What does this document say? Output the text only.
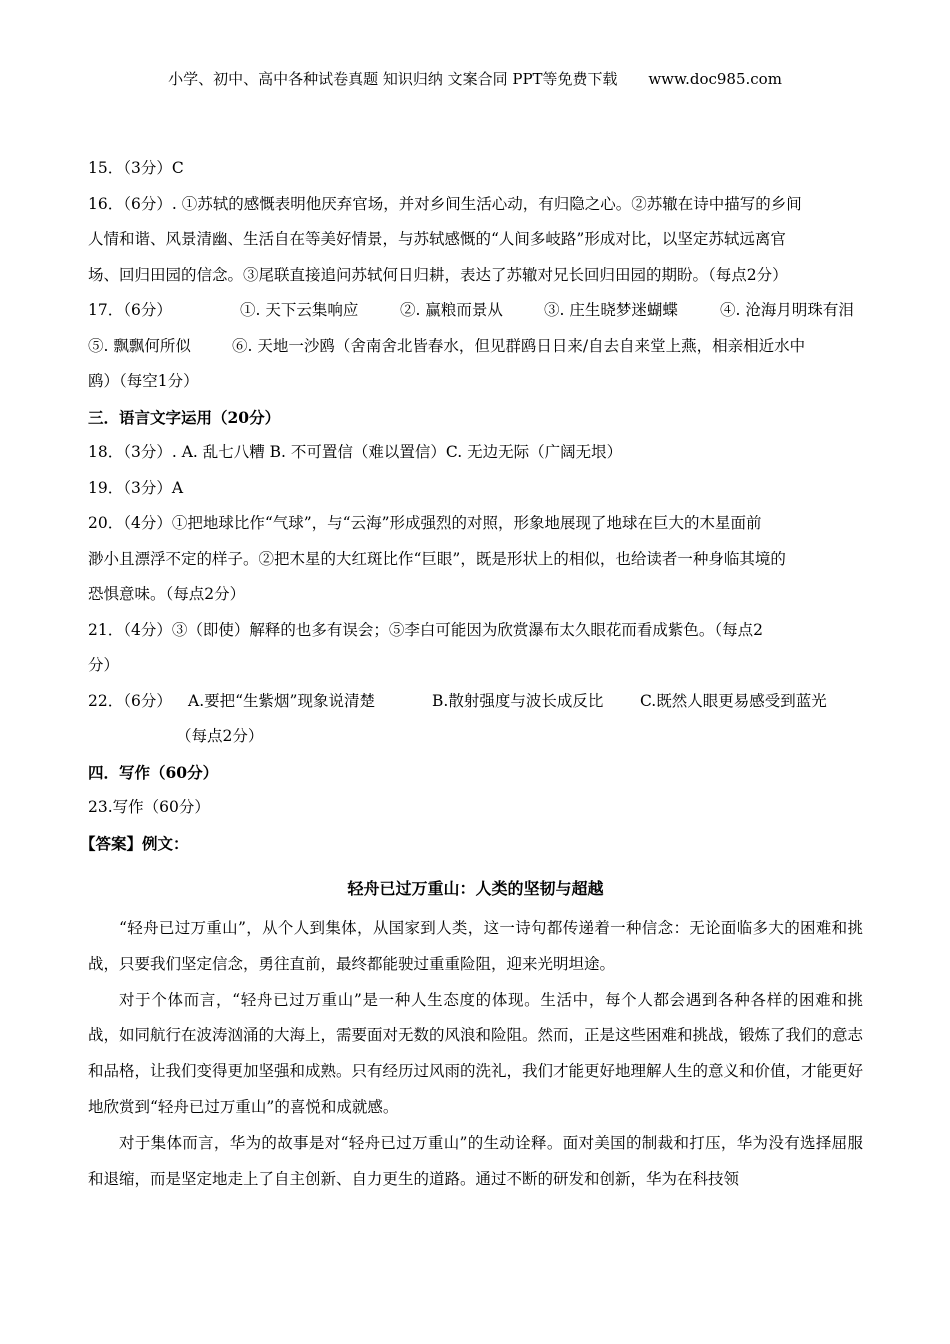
小学、初中、高中各种试卷真题 知识归纳 文案合同 PPT等免费下载 www.doc985.com
15．（3分）C
16．（6分）. ①苏轼的感慨表明他厌弃官场，并对乡间生活心动，有归隐之心。②苏辙在诗中描写的乡间
人情和谐、风景清幽、生活自在等美好情景，与苏轼感慨的“人间多岐路”形成对比，以坚定苏轼远离官
场、回归田园的信念。③尾联直接追问苏轼何日归耕，表达了苏辙对兄长回归田园的期盼。（每点2分）
17．（6分）	①. 天下云集响应	②. 赢粮而景从	③. 庄生晓梦迷蝴蝶	④. 沧海月明珠有泪
⑤. 飘飘何所似	⑥. 天地一沙鸥（舍南舍北皆春水，但见群鸥日日来/自去自来堂上燕，相亲相近水中
鸥）（每空1分）
三．语言文字运用（20分）
18．（3分）. A. 乱七八糟 B. 不可置信（难以置信）C. 无边无际（广阔无垠）
19．（3分）A
20．（4分）①把地球比作“气球”，与“云海”形成强烈的对照，形象地展现了地球在巨大的木星面前
渺小且漂浮不定的样子。②把木星的大红斑比作“巨眼”，既是形状上的相似，也给读者一种身临其境的
恐惧意味。（每点2分）
21．（4分）③（即使）解释的也多有误会；⑤李白可能因为欣赏瀑布太久眼花而看成紫色。（每点2
分）
22．（6分） A.要把“生紫烟”现象说清楚	B.散射强度与波长成反比 C.既然人眼更易感受到蓝光
（每点2分）
四．写作（60分）
23.写作（60分）
【答案】例文：
轻舟已过万重山：人类的坚韧与超越
“轻舟已过万重山”，从个人到集体，从国家到人类，这一诗句都传递着一种信念：无论面临多大的困难和挑战，只要我们坚定信念，勇往直前，最终都能驶过重重险阻，迎来光明坦途。
对于个体而言，“轻舟已过万重山”是一种人生态度的体现。生活中，每个人都会遇到各种各样的困难和挑战，如同航行在波涛汹涌的大海上，需要面对无数的风浪和险阻。然而，正是这些困难和挑战，锻炼了我们的意志和品格，让我们变得更加坚强和成熟。只有经历过风雨的洗礼，我们才能更好地理解人生的意义和价值，才能更好地欣赏到“轻舟已过万重山”的喜悦和成就感。
对于集体而言，华为的故事是对“轻舟已过万重山”的生动诠释。面对美国的制裁和打压，华为没有选择屈服和退缩，而是坚定地走上了自主创新、自力更生的道路。通过不断的研发和创新，华为在科技领
